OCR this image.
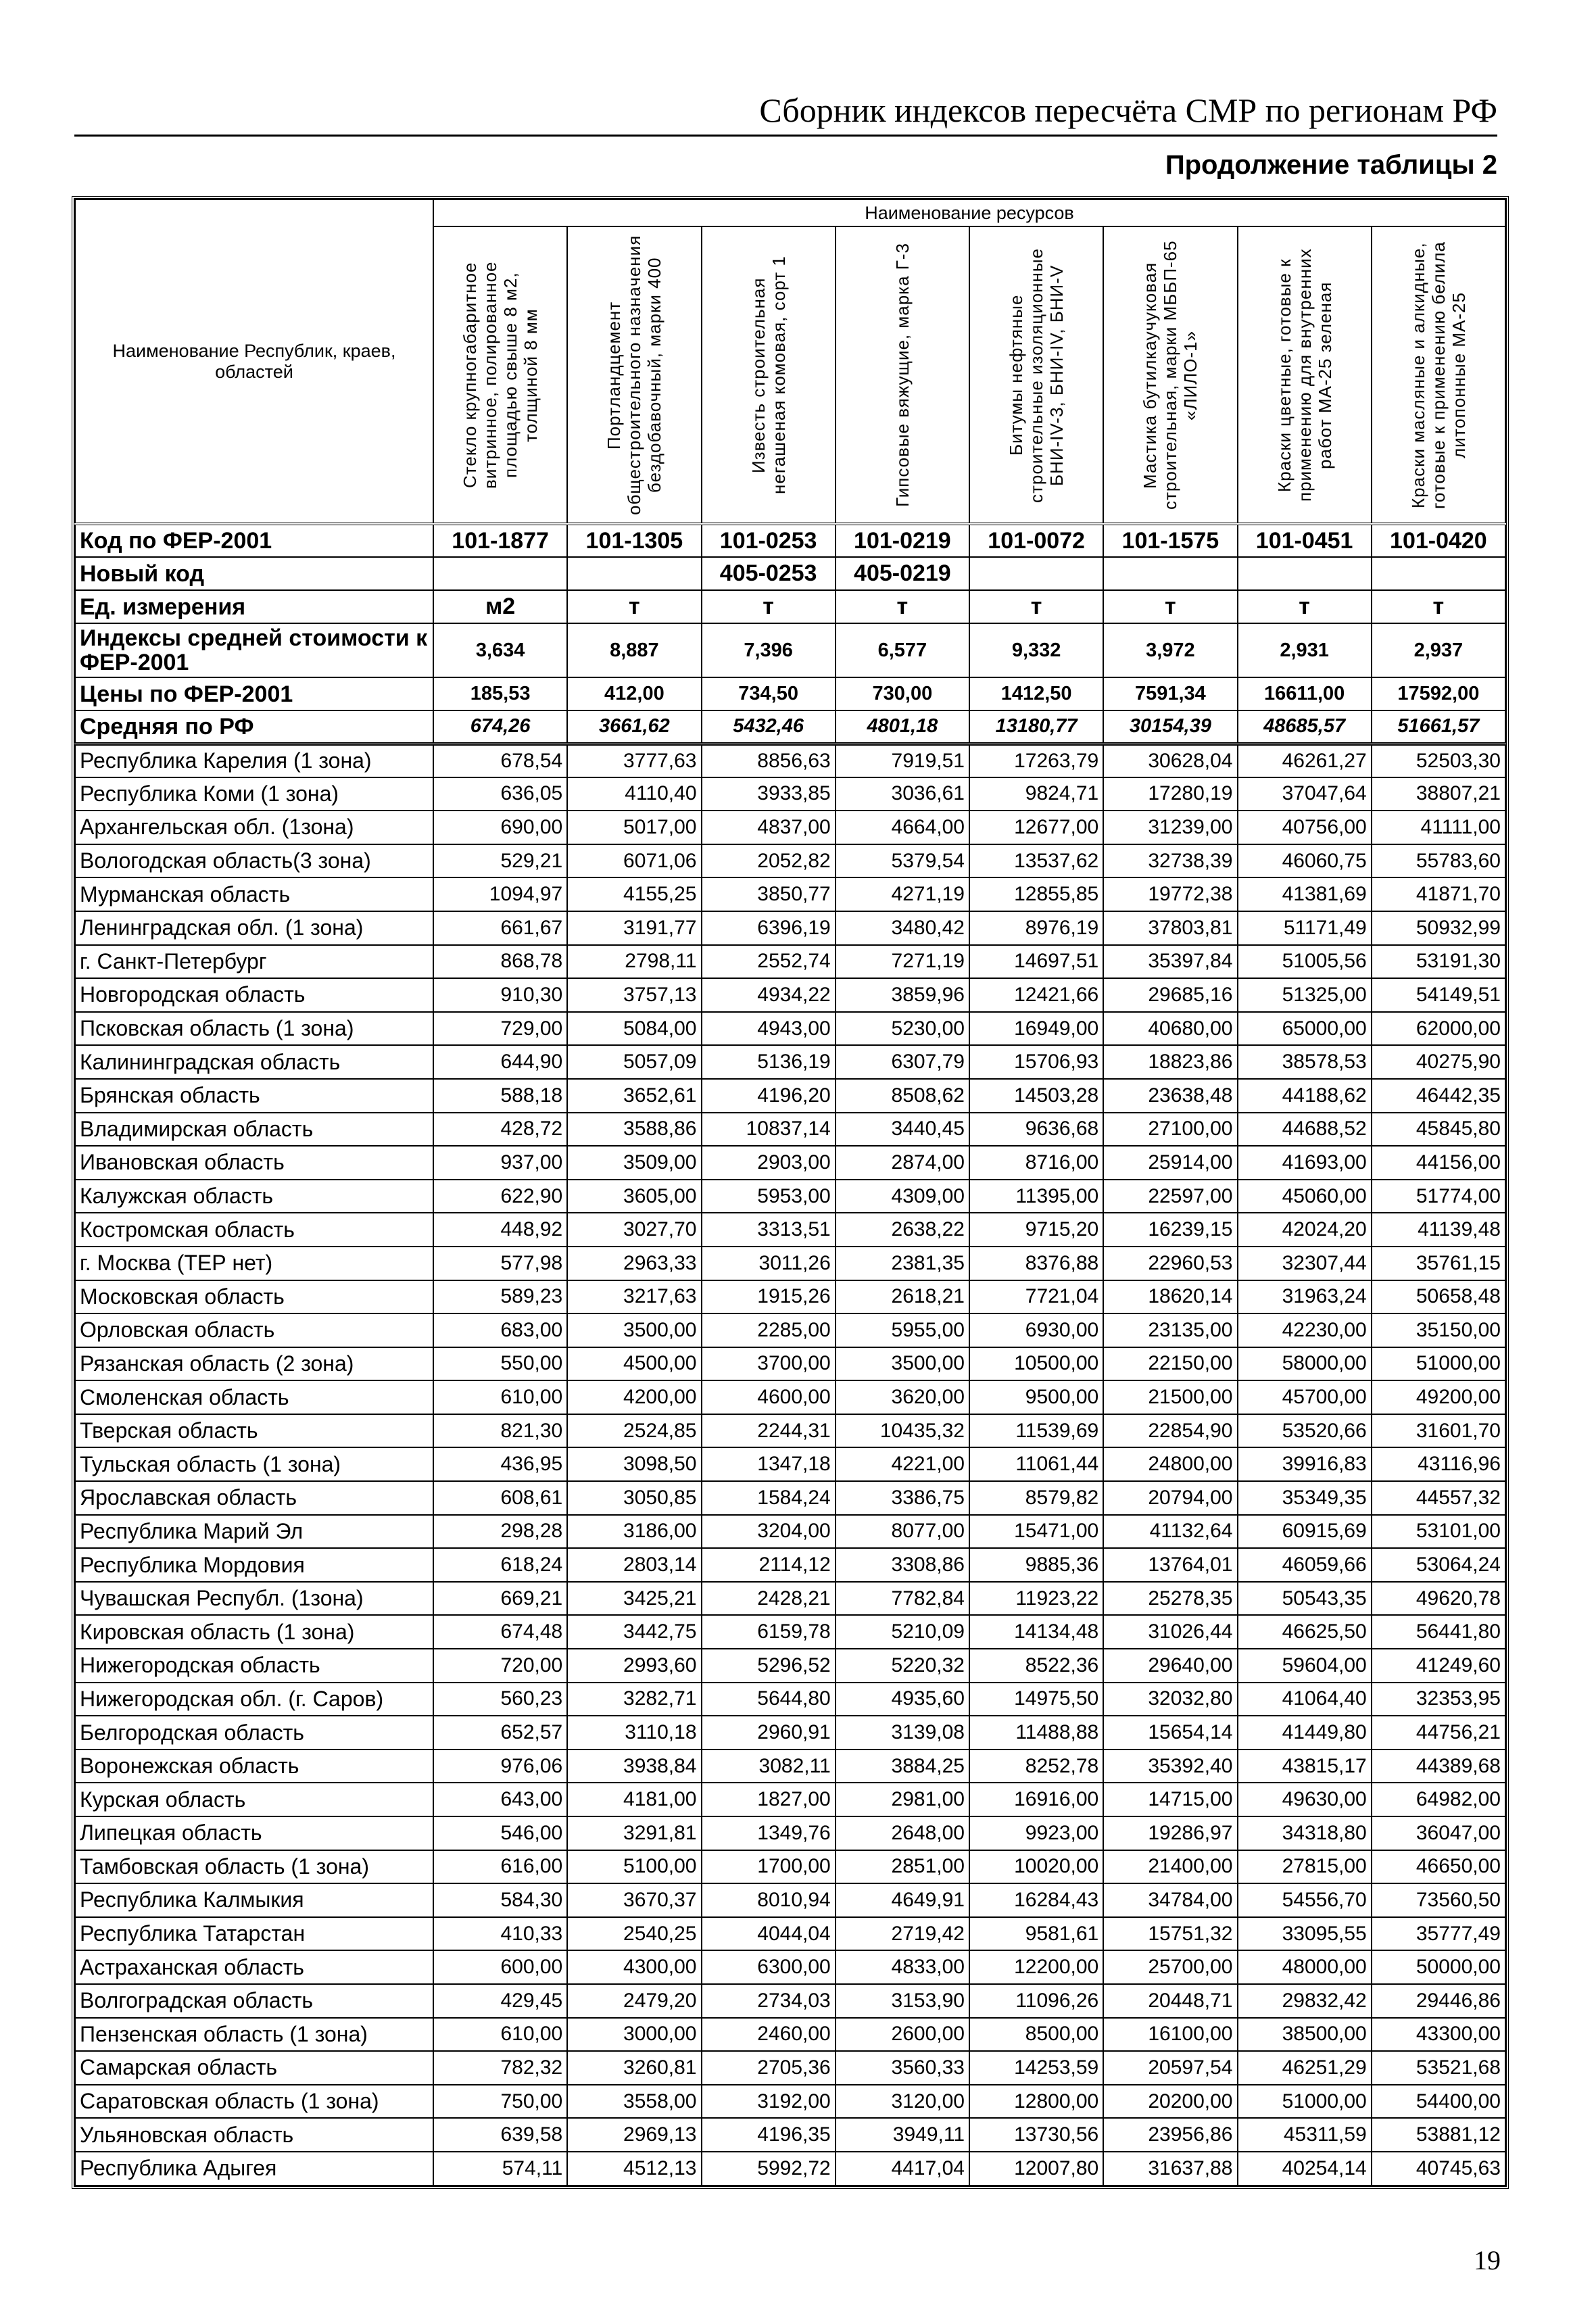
Сборник индексов пересчёта СМР по регионам РФ
Продолжение таблицы 2
Наименование Республик, краев, областей	Наименование ресурсов							

	Стекло крупногабаритное витринное, полированное площадью свыше 8 м2, толщиной 8 мм	Портландцемент общестроительного назначения бездобавочный, марки 400	Известь строительная негашеная комовая, сорт 1	Гипсовые вяжущие, марка Г-3	Битумы нефтяные строительные изоляционные БНИ-IV-3, БНИ-IV, БНИ-V	Мастика бутилкаучуковая строительная, марки МББП-65 «ЛИЛО-1»	Краски цветные, готовые к применению для внутренних работ МА-25 зеленая	Краски масляные и алкидные, готовые к применению белила литопонные МА-25

Код по ФЕР-2001	101-1877	101-1305	101-0253	101-0219	101-0072	101-1575	101-0451	101-0420
Новый код			405-0253	405-0219				
Ед. измерения	м2	т	т	т	т	т	т	т
Индексы средней стоимости к ФЕР-2001	3,634	8,887	7,396	6,577	9,332	3,972	2,931	2,937
Цены по ФЕР-2001	185,53	412,00	734,50	730,00	1412,50	7591,34	16611,00	17592,00
Средняя по РФ	674,26	3661,62	5432,46	4801,18	13180,77	30154,39	48685,57	51661,57
Республика Карелия (1 зона)	678,54	3777,63	8856,63	7919,51	17263,79	30628,04	46261,27	52503,30
Республика Коми (1 зона)	636,05	4110,40	3933,85	3036,61	9824,71	17280,19	37047,64	38807,21
Архангельская обл. (1зона)	690,00	5017,00	4837,00	4664,00	12677,00	31239,00	40756,00	41111,00
Вологодская область(3 зона)	529,21	6071,06	2052,82	5379,54	13537,62	32738,39	46060,75	55783,60
Мурманская область	1094,97	4155,25	3850,77	4271,19	12855,85	19772,38	41381,69	41871,70
Ленинградская обл. (1 зона)	661,67	3191,77	6396,19	3480,42	8976,19	37803,81	51171,49	50932,99
г. Санкт-Петербург	868,78	2798,11	2552,74	7271,19	14697,51	35397,84	51005,56	53191,30
Новгородская область	910,30	3757,13	4934,22	3859,96	12421,66	29685,16	51325,00	54149,51
Псковская область (1 зона)	729,00	5084,00	4943,00	5230,00	16949,00	40680,00	65000,00	62000,00
Калининградская область	644,90	5057,09	5136,19	6307,79	15706,93	18823,86	38578,53	40275,90
Брянская область	588,18	3652,61	4196,20	8508,62	14503,28	23638,48	44188,62	46442,35
Владимирская область	428,72	3588,86	10837,14	3440,45	9636,68	27100,00	44688,52	45845,80
Ивановская область	937,00	3509,00	2903,00	2874,00	8716,00	25914,00	41693,00	44156,00
Калужская область	622,90	3605,00	5953,00	4309,00	11395,00	22597,00	45060,00	51774,00
Костромская область	448,92	3027,70	3313,51	2638,22	9715,20	16239,15	42024,20	41139,48
г. Москва (ТЕР нет)	577,98	2963,33	3011,26	2381,35	8376,88	22960,53	32307,44	35761,15
Московская область	589,23	3217,63	1915,26	2618,21	7721,04	18620,14	31963,24	50658,48
Орловская область	683,00	3500,00	2285,00	5955,00	6930,00	23135,00	42230,00	35150,00
Рязанская область (2 зона)	550,00	4500,00	3700,00	3500,00	10500,00	22150,00	58000,00	51000,00
Смоленская область	610,00	4200,00	4600,00	3620,00	9500,00	21500,00	45700,00	49200,00
Тверская область	821,30	2524,85	2244,31	10435,32	11539,69	22854,90	53520,66	31601,70
Тульская область (1 зона)	436,95	3098,50	1347,18	4221,00	11061,44	24800,00	39916,83	43116,96
Ярославская область	608,61	3050,85	1584,24	3386,75	8579,82	20794,00	35349,35	44557,32
Республика Марий Эл	298,28	3186,00	3204,00	8077,00	15471,00	41132,64	60915,69	53101,00
Республика Мордовия	618,24	2803,14	2114,12	3308,86	9885,36	13764,01	46059,66	53064,24
Чувашская Республ. (1зона)	669,21	3425,21	2428,21	7782,84	11923,22	25278,35	50543,35	49620,78
Кировская область (1 зона)	674,48	3442,75	6159,78	5210,09	14134,48	31026,44	46625,50	56441,80
Нижегородская область	720,00	2993,60	5296,52	5220,32	8522,36	29640,00	59604,00	41249,60
Нижегородская обл. (г. Саров)	560,23	3282,71	5644,80	4935,60	14975,50	32032,80	41064,40	32353,95
Белгородская область	652,57	3110,18	2960,91	3139,08	11488,88	15654,14	41449,80	44756,21
Воронежская область	976,06	3938,84	3082,11	3884,25	8252,78	35392,40	43815,17	44389,68
Курская область	643,00	4181,00	1827,00	2981,00	16916,00	14715,00	49630,00	64982,00
Липецкая область	546,00	3291,81	1349,76	2648,00	9923,00	19286,97	34318,80	36047,00
Тамбовская область (1 зона)	616,00	5100,00	1700,00	2851,00	10020,00	21400,00	27815,00	46650,00
Республика Калмыкия	584,30	3670,37	8010,94	4649,91	16284,43	34784,00	54556,70	73560,50
Республика Татарстан	410,33	2540,25	4044,04	2719,42	9581,61	15751,32	33095,55	35777,49
Астраханская область	600,00	4300,00	6300,00	4833,00	12200,00	25700,00	48000,00	50000,00
Волгоградская область	429,45	2479,20	2734,03	3153,90	11096,26	20448,71	29832,42	29446,86
Пензенская область (1 зона)	610,00	3000,00	2460,00	2600,00	8500,00	16100,00	38500,00	43300,00
Самарская область	782,32	3260,81	2705,36	3560,33	14253,59	20597,54	46251,29	53521,68
Саратовская область (1 зона)	750,00	3558,00	3192,00	3120,00	12800,00	20200,00	51000,00	54400,00
Ульяновская область	639,58	2969,13	4196,35	3949,11	13730,56	23956,86	45311,59	53881,12
Республика Адыгея	574,11	4512,13	5992,72	4417,04	12007,80	31637,88	40254,14	40745,63
19
